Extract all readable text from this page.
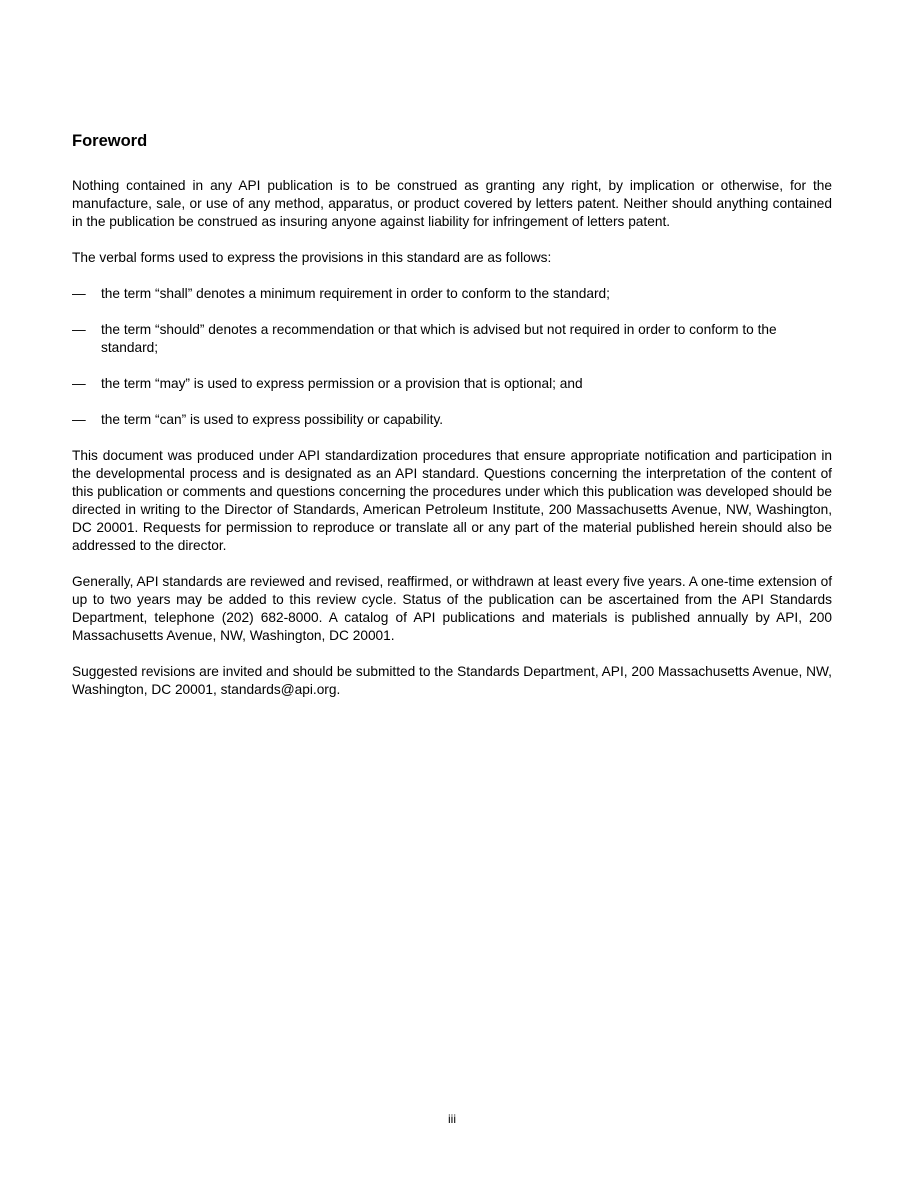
Foreword

Nothing contained in any API publication is to be construed as granting any right, by implication or otherwise, for the manufacture, sale, or use of any method, apparatus, or product covered by letters patent. Neither should anything contained in the publication be construed as insuring anyone against liability for infringement of letters patent.

The verbal forms used to express the provisions in this standard are as follows:

—	the term “shall” denotes a minimum requirement in order to conform to the standard;
—	the term “should” denotes a recommendation or that which is advised but not required in order to conform to the standard;
—	the term “may” is used to express permission or a provision that is optional; and
—	the term “can” is used to express possibility or capability.

This document was produced under API standardization procedures that ensure appropriate notification and participation in the developmental process and is designated as an API standard. Questions concerning the interpretation of the content of this publication or comments and questions concerning the procedures under which this publication was developed should be directed in writing to the Director of Standards, American Petroleum Institute, 200 Massachusetts Avenue, NW, Washington, DC 20001. Requests for permission to reproduce or translate all or any part of the material published herein should also be addressed to the director.

Generally, API standards are reviewed and revised, reaffirmed, or withdrawn at least every five years. A one-time extension of up to two years may be added to this review cycle. Status of the publication can be ascertained from the API Standards Department, telephone (202) 682-8000. A catalog of API publications and materials is published annually by API, 200 Massachusetts Avenue, NW, Washington, DC 20001.

Suggested revisions are invited and should be submitted to the Standards Department, API, 200 Massachusetts Avenue, NW, Washington, DC 20001, standards@api.org.

iii
